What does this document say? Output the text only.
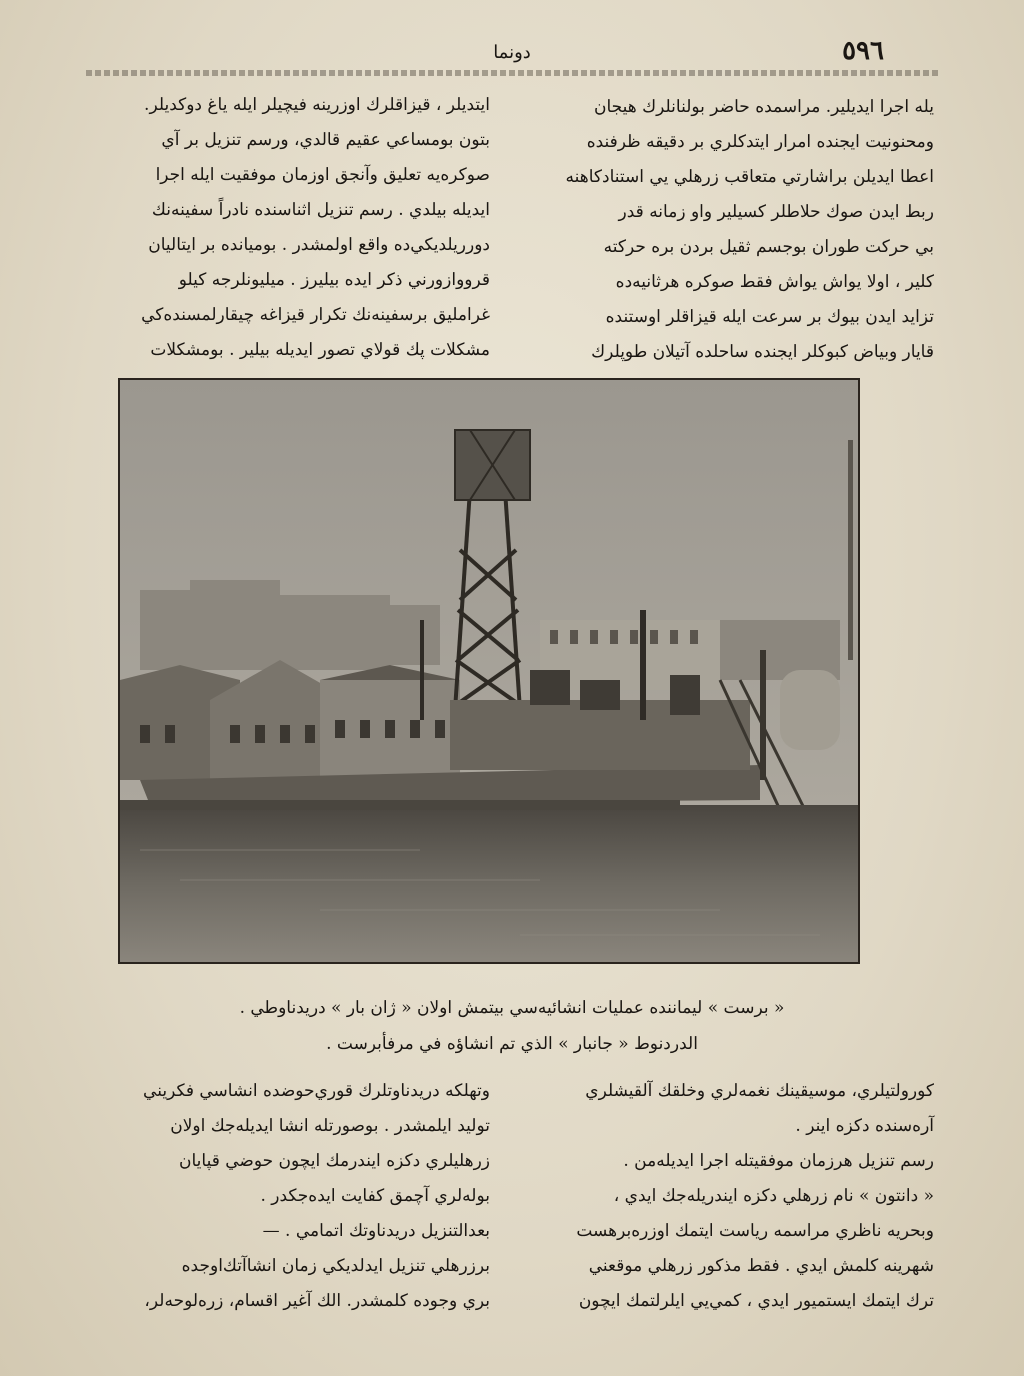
دونما	٥٩٦

يله اجرا ايديلير. مراسمده حاضر بولنانلرك هيجان

ومحنونيت ايجنده امرار ايتدكلري بر دقيقه ظرفنده

اعطا ايديلن براشارتي متعاقب زرهلي يي استنادكاهنه

ربط ايدن صوك حلاطلر كسيلير واو زمانه قدر

بي حركت طوران بوجسم ثقيل بردن بره حركته

كلير ، اولا يواش يواش فقط صوكره هرثانيه‌ده

تزايد ايدن بيوك بر سرعت ايله قيزاقلر اوستنده

قايار وبياض كبوكلر ايجنده ساحلده آتيلان طوپلرك

ايتديلر ، قيزاقلرك اوزرينه فيچيلر ايله ياغ دوكديلر.

بتون بومساعي عقيم قالدي، ورسم تنزيل بر آي

صوكره‌يه تعليق وآنجق اوزمان موفقيت ايله اجرا

ايديله بيلدي . رسم تنزيل اثناسنده نادراً سفينه‌نك

دورريلديكي‌ده واقع اولمشدر . بوميانده بر ايتاليان

قرووازورني ذكر ايده بيليرز . ميليونلرجه كيلو

غرامليق برسفينه‌نك تكرار قيزاغه چيقارلمسنده‌كي

مشكلات پك قولاي تصور ايديله بيلير . بومشكلات

« برست » ليماننده عمليات انشائيه‌سي بيتمش اولان « ژان بار » دريدناوطي .

الدردنوط « جانبار » الذي تم انشاؤه في مرفأبرست .

كورولتيلري، موسيقينك نغمه‌لري وخلقك آلقيشلري

آره‌سنده دكزه اينر .

رسم تنزيل هرزمان موفقيتله اجرا ايديله‌من .

« دانتون » نام زرهلي دكزه ايندريله‌جك ايدي ،

وبحريه ناظري مراسمه رياست ايتمك اوزره‌برهست

شهرينه كلمش ايدي . فقط مذكور زرهلي موقعني

ترك ايتمك ايستميور ايدي ، كمي‌يي ايلرلتمك ايچون

وتهلكه دريدناوتلرك قوري‌حوضده انشاسي فكريني

توليد ايلمشدر . بوصورتله انشا ايديله‌جك اولان

زرهليلري دكزه ايندرمك ايچون حوضي قپايان

بوله‌لري آچمق كفايت ايده‌جكدر .

بعدالتنزيل دريدناوتك اتمامي . —

برزرهلي تنزيل ايدلديكي زمان انشاآتك‌اوجده

بري وجوده كلمشدر. الك آغير اقسام، زره‌لوحه‌لر،
